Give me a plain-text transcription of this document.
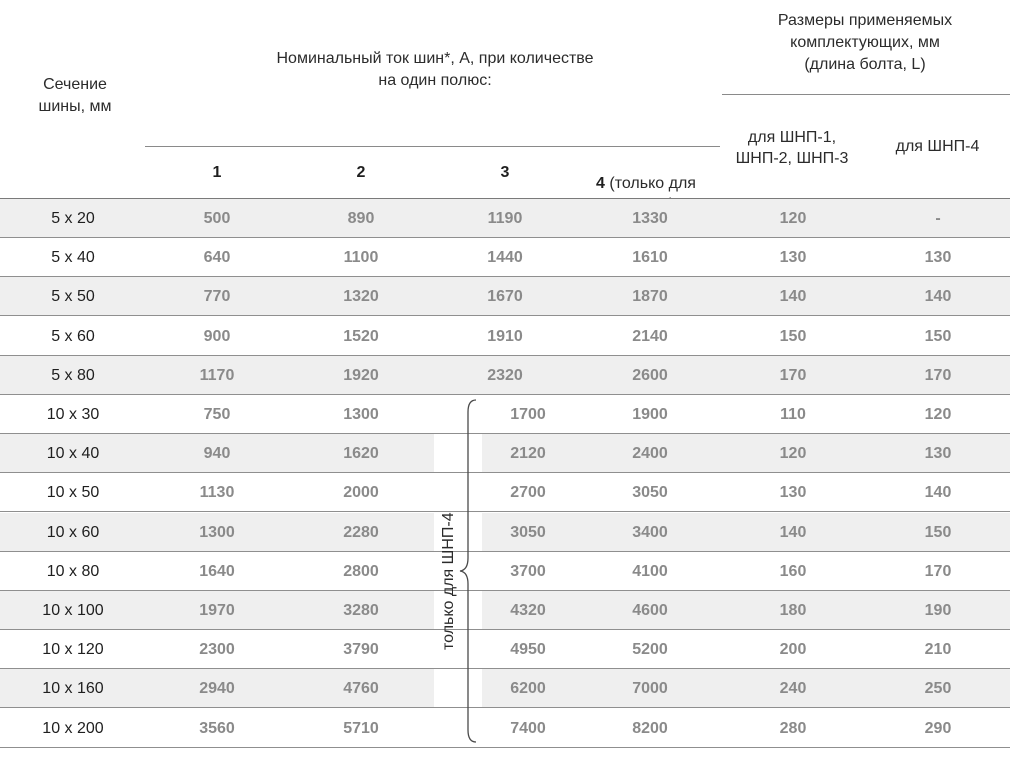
Сечение
шины, мм
Номинальный ток шин*, А, при количестве
на один полюс:
Размеры применяемых
комплектующих, мм
(длина болта, L)
1	2	3

4 (только для

для ШНП-1,
ШНП-2, ШНП-3
для ШНП-4
5 x 20	500	890	1190	1330	120	-
5 x 40	640	1100	1440	1610	130	130
5 x 50	770	1320	1670	1870	140	140
5 x 60	900	1520	1910	2140	150	150
5 x 80	1170	1920	2320	2600	170	170
10 x 30	750	1300	1700	1900	110	120
10 x 40	940	1620	2120	2400	120	130
10 x 50	1130	2000	2700	3050	130	140
10 x 60	1300	2280	3050	3400	140	150
10 x 80	1640	2800	3700	4100	160	170
10 x 100	1970	3280	4320	4600	180	190
10 x 120	2300	3790	4950	5200	200	210
10 x 160	2940	4760	6200	7000	240	250
10 x 200	3560	5710	7400	8200	280	290
только для ШНП-4
